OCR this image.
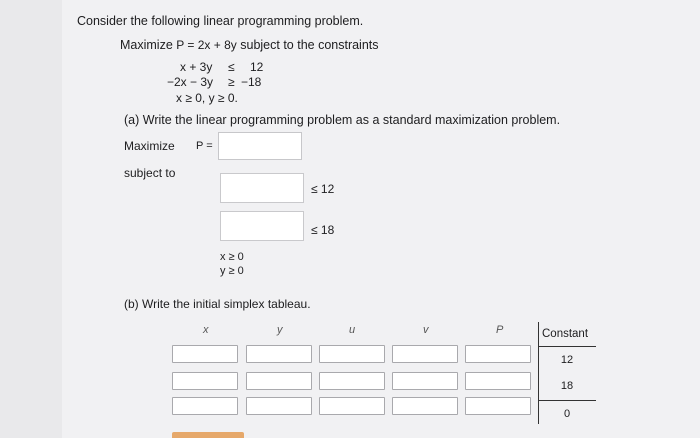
Consider the following linear programming problem.
Maximize P = 2x + 8y subject to the constraints
x + 3y ≤ 12
−2x − 3y ≥ −18
x ≥ 0, y ≥ 0.
(a) Write the linear programming problem as a standard maximization problem.
Maximize P =
subject to
≤ 12
≤ 18
x ≥ 0
y ≥ 0
(b) Write the initial simplex tableau.
x	y	u	v	P	Constant
12
18
0
